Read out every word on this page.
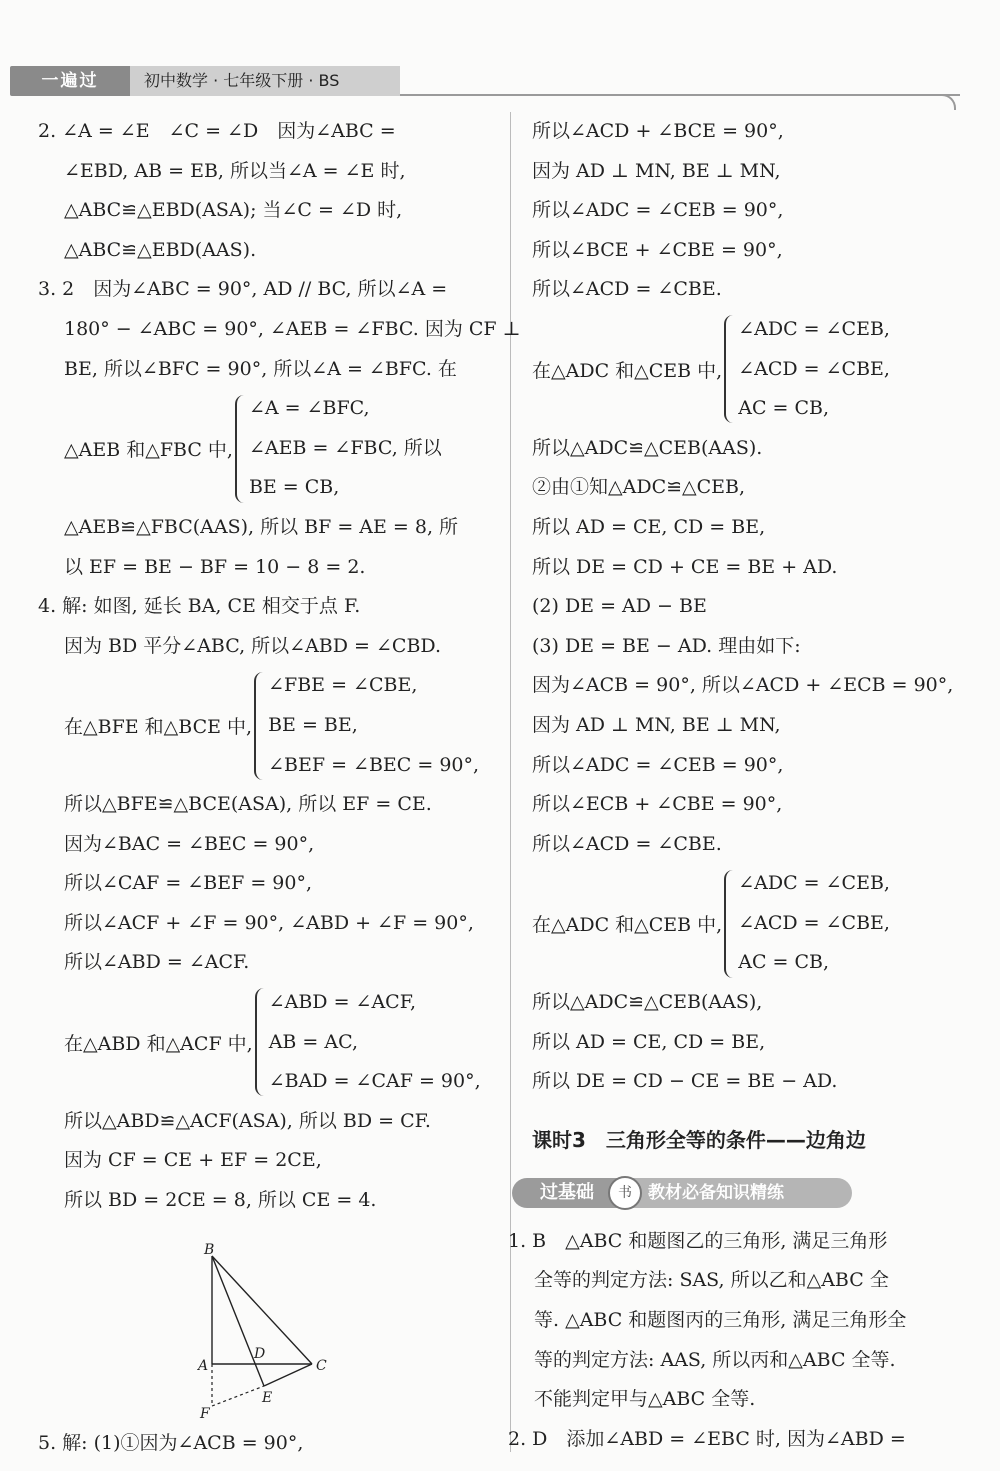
一遍过	初中数学 · 七年级下册 · BS
2. ∠A = ∠E　∠C = ∠D　因为∠ABC =
∠EBD, AB = EB, 所以当∠A = ∠E 时,
△ABC≌△EBD(ASA); 当∠C = ∠D 时,
△ABC≌△EBD(AAS).
3. 2　因为∠ABC = 90°, AD // BC, 所以∠A =
180° − ∠ABC = 90°, ∠AEB = ∠FBC. 因为 CF ⊥
BE, 所以∠BFC = 90°, 所以∠A = ∠BFC. 在
△AEB 和△FBC 中,
∠A = ∠BFC,
∠AEB = ∠FBC, 所以
BE = CB,
△AEB≌△FBC(AAS), 所以 BF = AE = 8, 所
以 EF = BE − BF = 10 − 8 = 2.
4. 解: 如图, 延长 BA, CE 相交于点 F.
因为 BD 平分∠ABC, 所以∠ABD = ∠CBD.
在△BFE 和△BCE 中,
∠FBE = ∠CBE,
BE = BE,
∠BEF = ∠BEC = 90°,
所以△BFE≌△BCE(ASA), 所以 EF = CE.
因为∠BAC = ∠BEC = 90°,
所以∠CAF = ∠BEF = 90°,
所以∠ACF + ∠F = 90°, ∠ABD + ∠F = 90°,
所以∠ABD = ∠ACF.
在△ABD 和△ACF 中,
∠ABD = ∠ACF,
AB = AC,
∠BAD = ∠CAF = 90°,
所以△ABD≌△ACF(ASA), 所以 BD = CF.
因为 CF = CE + EF = 2CE,
所以 BD = 2CE = 8, 所以 CE = 4.
B
A
D
C
E
F
5. 解: (1)①因为∠ACB = 90°,
所以∠ACD + ∠BCE = 90°,
因为 AD ⊥ MN, BE ⊥ MN,
所以∠ADC = ∠CEB = 90°,
所以∠BCE + ∠CBE = 90°,
所以∠ACD = ∠CBE.
在△ADC 和△CEB 中,
∠ADC = ∠CEB,
∠ACD = ∠CBE,
AC = CB,
所以△ADC≌△CEB(AAS).
②由①知△ADC≌△CEB,
所以 AD = CE, CD = BE,
所以 DE = CD + CE = BE + AD.
(2) DE = AD − BE
(3) DE = BE − AD. 理由如下:
因为∠ACB = 90°, 所以∠ACD + ∠ECB = 90°,
因为 AD ⊥ MN, BE ⊥ MN,
所以∠ADC = ∠CEB = 90°,
所以∠ECB + ∠CBE = 90°,
所以∠ACD = ∠CBE.
在△ADC 和△CEB 中,
∠ADC = ∠CEB,
∠ACD = ∠CBE,
AC = CB,
所以△ADC≌△CEB(AAS),
所以 AD = CE, CD = BE,
所以 DE = CD − CE = BE − AD.
课时3　三角形全等的条件——边角边
过基础	教材必备知识精练
书
1. B　△ABC 和题图乙的三角形, 满足三角形
全等的判定方法: SAS, 所以乙和△ABC 全
等. △ABC 和题图丙的三角形, 满足三角形全
等的判定方法: AAS, 所以丙和△ABC 全等.
不能判定甲与△ABC 全等.
2. D　添加∠ABD = ∠EBC 时, 因为∠ABD =
